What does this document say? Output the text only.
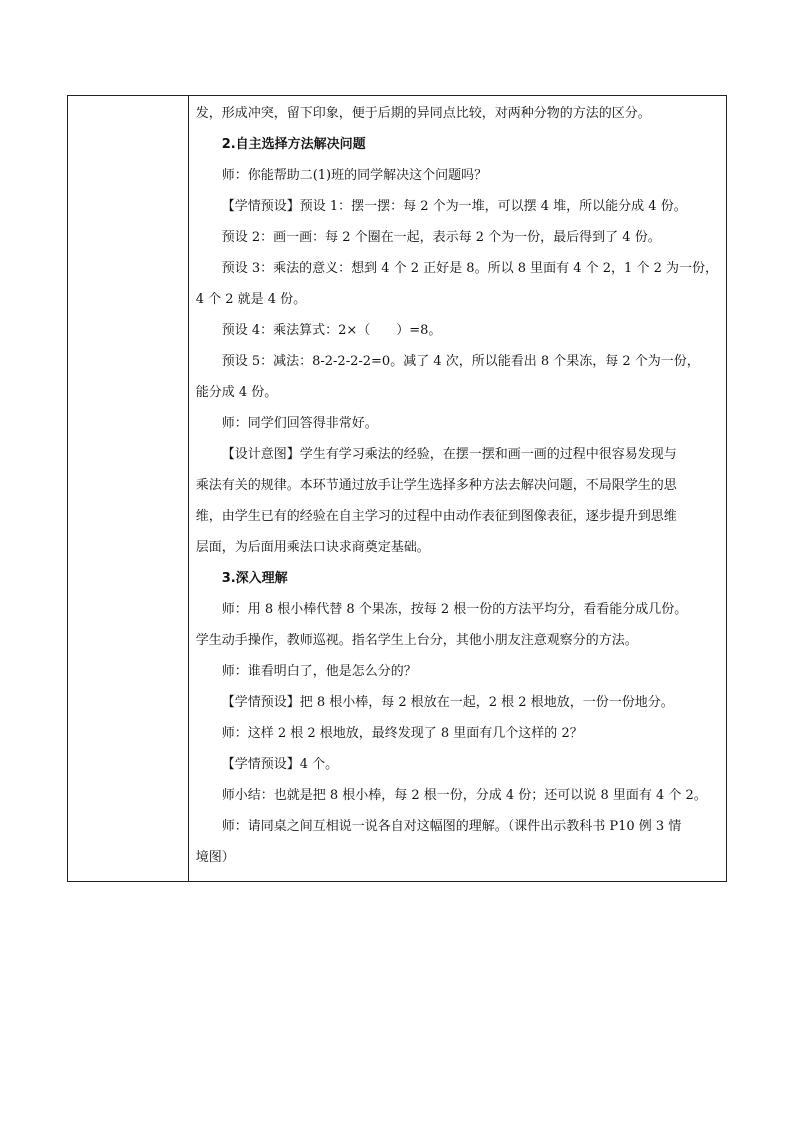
发，形成冲突，留下印象，便于后期的异同点比较，对两种分物的方法的区分。
2.自主选择方法解决问题
师：你能帮助二(1)班的同学解决这个问题吗？
【学情预设】预设 1：摆一摆：每 2 个为一堆，可以摆 4 堆，所以能分成 4 份。
预设 2：画一画：每 2 个圈在一起，表示每 2 个为一份，最后得到了 4 份。
预设 3：乘法的意义：想到 4 个 2 正好是 8。所以 8 里面有 4 个 2，1 个 2 为一份，
4 个 2 就是 4 份。
预设 4：乘法算式：2×（　　）=8。
预设 5：减法：8-2-2-2-2=0。减了 4 次，所以能看出 8 个果冻，每 2 个为一份，
能分成 4 份。
师：同学们回答得非常好。
【设计意图】学生有学习乘法的经验，在摆一摆和画一画的过程中很容易发现与
乘法有关的规律。本环节通过放手让学生选择多种方法去解决问题，不局限学生的思
维，由学生已有的经验在自主学习的过程中由动作表征到图像表征，逐步提升到思维
层面，为后面用乘法口诀求商奠定基础。
3.深入理解
师：用 8 根小棒代替 8 个果冻，按每 2 根一份的方法平均分，看看能分成几份。
学生动手操作，教师巡视。指名学生上台分，其他小朋友注意观察分的方法。
师：谁看明白了，他是怎么分的？
【学情预设】把 8 根小棒，每 2 根放在一起，2 根 2 根地放，一份一份地分。
师：这样 2 根 2 根地放，最终发现了 8 里面有几个这样的 2？
【学情预设】4 个。
师小结：也就是把 8 根小棒，每 2 根一份，分成 4 份；还可以说 8 里面有 4 个 2。
师：请同桌之间互相说一说各自对这幅图的理解。（课件出示教科书 P10 例 3 情
境图）
